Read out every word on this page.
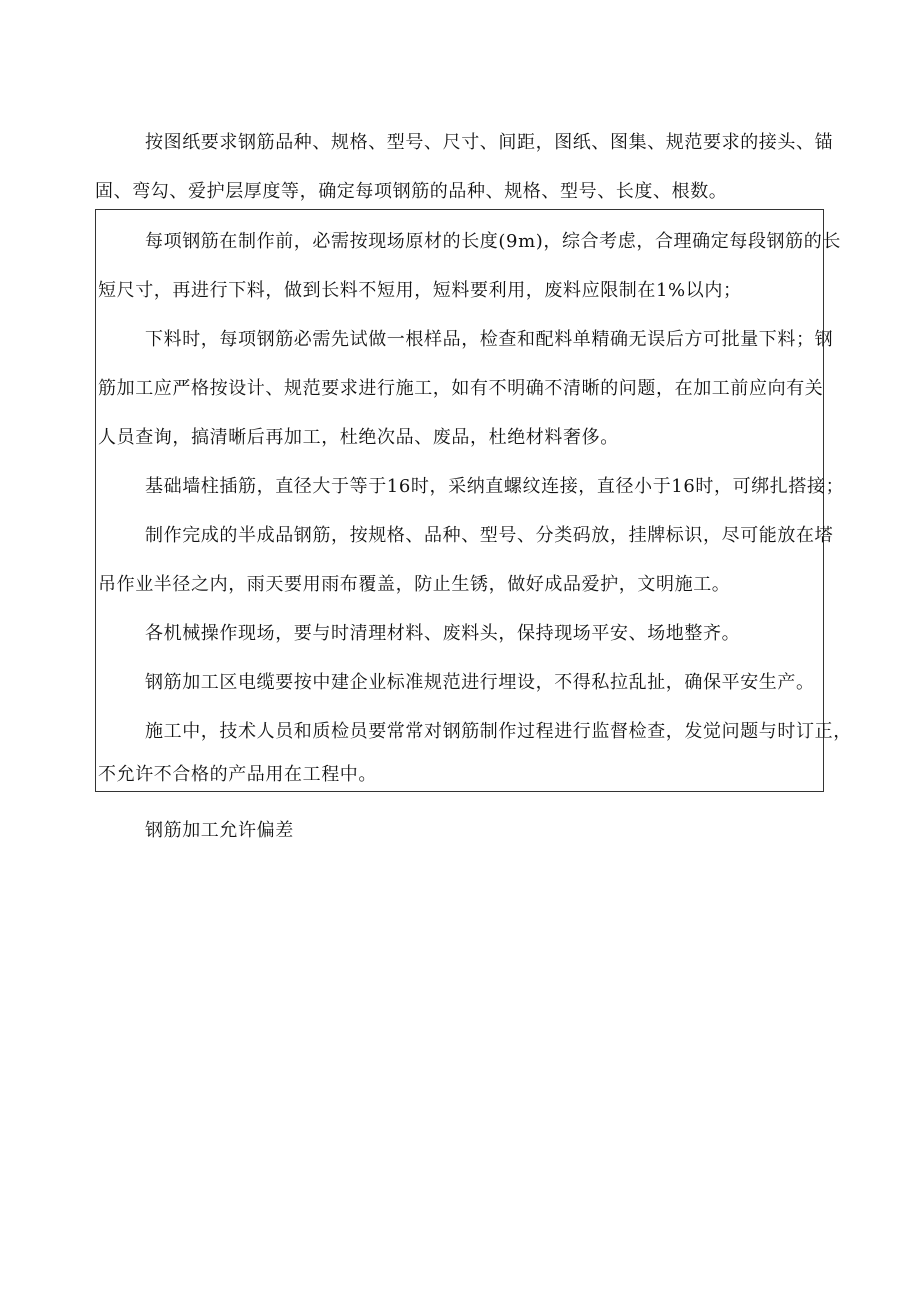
按图纸要求钢筋品种、规格、型号、尺寸、间距，图纸、图集、规范要求的接头、锚
固、弯勾、爱护层厚度等，确定每项钢筋的品种、规格、型号、长度、根数。
每项钢筋在制作前，必需按现场原材的长度(9m)，综合考虑，合理确定每段钢筋的长
短尺寸，再进行下料，做到长料不短用，短料要利用，废料应限制在1%以内；
下料时，每项钢筋必需先试做一根样品，检查和配料单精确无误后方可批量下料；钢
筋加工应严格按设计、规范要求进行施工，如有不明确不清晰的问题，在加工前应向有关
人员查询，搞清晰后再加工，杜绝次品、废品，杜绝材料奢侈。
基础墙柱插筋，直径大于等于16时，采纳直螺纹连接，直径小于16时，可绑扎搭接；
制作完成的半成品钢筋，按规格、品种、型号、分类码放，挂牌标识，尽可能放在塔
吊作业半径之内，雨天要用雨布覆盖，防止生锈，做好成品爱护，文明施工。
各机械操作现场，要与时清理材料、废料头，保持现场平安、场地整齐。
钢筋加工区电缆要按中建企业标准规范进行埋设，不得私拉乱扯，确保平安生产。
施工中，技术人员和质检员要常常对钢筋制作过程进行监督检查，发觉问题与时订正，
不允许不合格的产品用在工程中。
钢筋加工允许偏差
